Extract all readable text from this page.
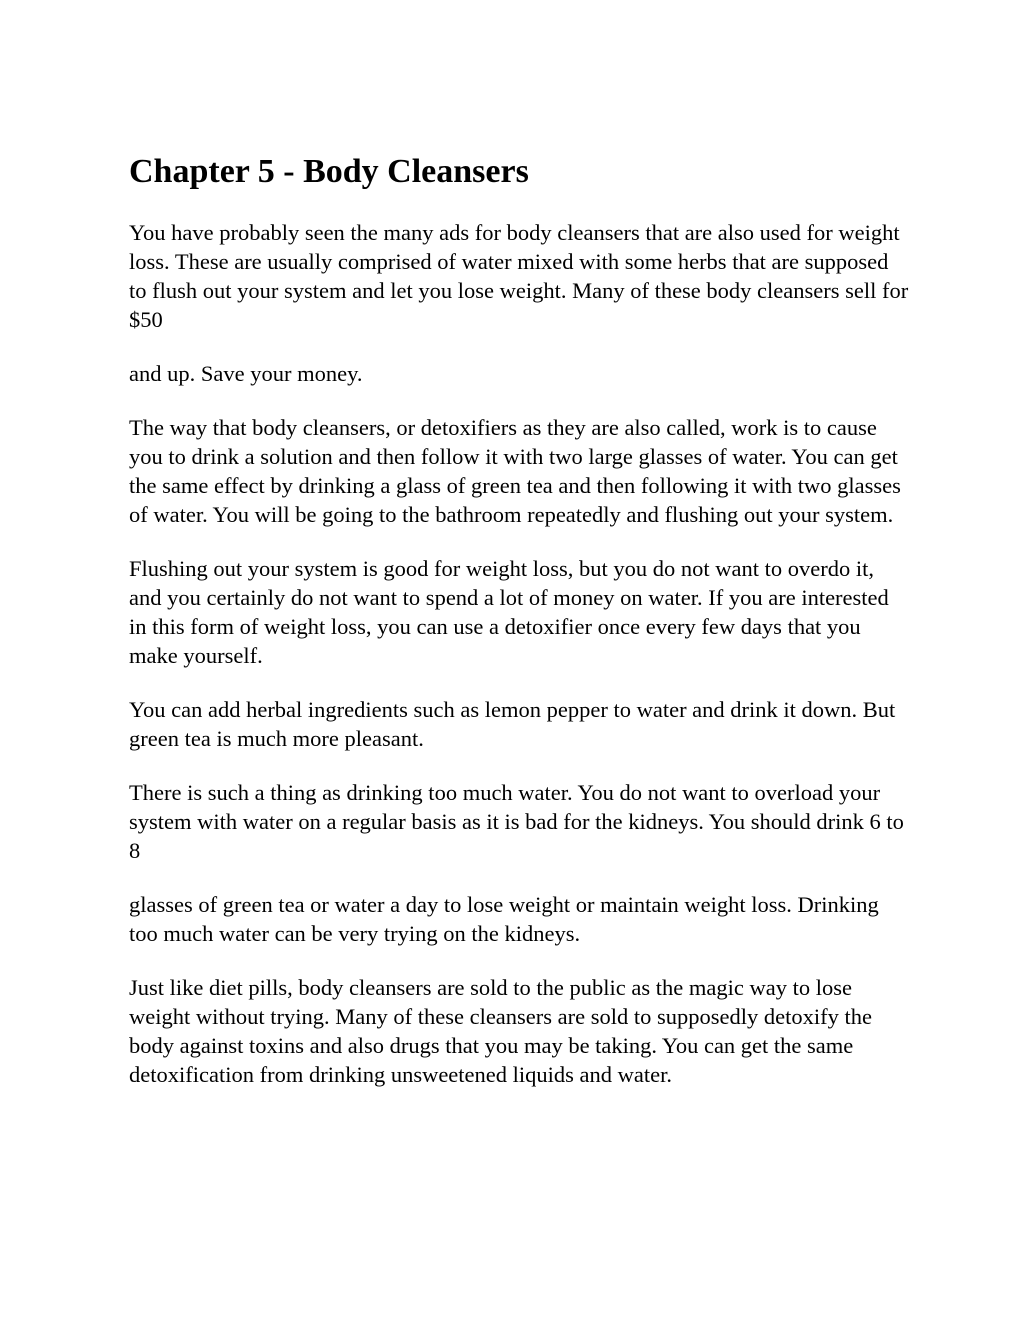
Chapter 5 - Body Cleansers

You have probably seen the many ads for body cleansers that are also used for weight loss. These are usually comprised of water mixed with some herbs that are supposed to flush out your system and let you lose weight. Many of these body cleansers sell for $50

and up. Save your money.

The way that body cleansers, or detoxifiers as they are also called, work is to cause you to drink a solution and then follow it with two large glasses of water. You can get the same effect by drinking a glass of green tea and then following it with two glasses of water. You will be going to the bathroom repeatedly and flushing out your system.

Flushing out your system is good for weight loss, but you do not want to overdo it, and you certainly do not want to spend a lot of money on water. If you are interested in this form of weight loss, you can use a detoxifier once every few days that you make yourself.

You can add herbal ingredients such as lemon pepper to water and drink it down. But green tea is much more pleasant.

There is such a thing as drinking too much water. You do not want to overload your system with water on a regular basis as it is bad for the kidneys. You should drink 6 to 8

glasses of green tea or water a day to lose weight or maintain weight loss. Drinking too much water can be very trying on the kidneys.

Just like diet pills, body cleansers are sold to the public as the magic way to lose weight without trying. Many of these cleansers are sold to supposedly detoxify the body against toxins and also drugs that you may be taking. You can get the same detoxification from drinking unsweetened liquids and water.
